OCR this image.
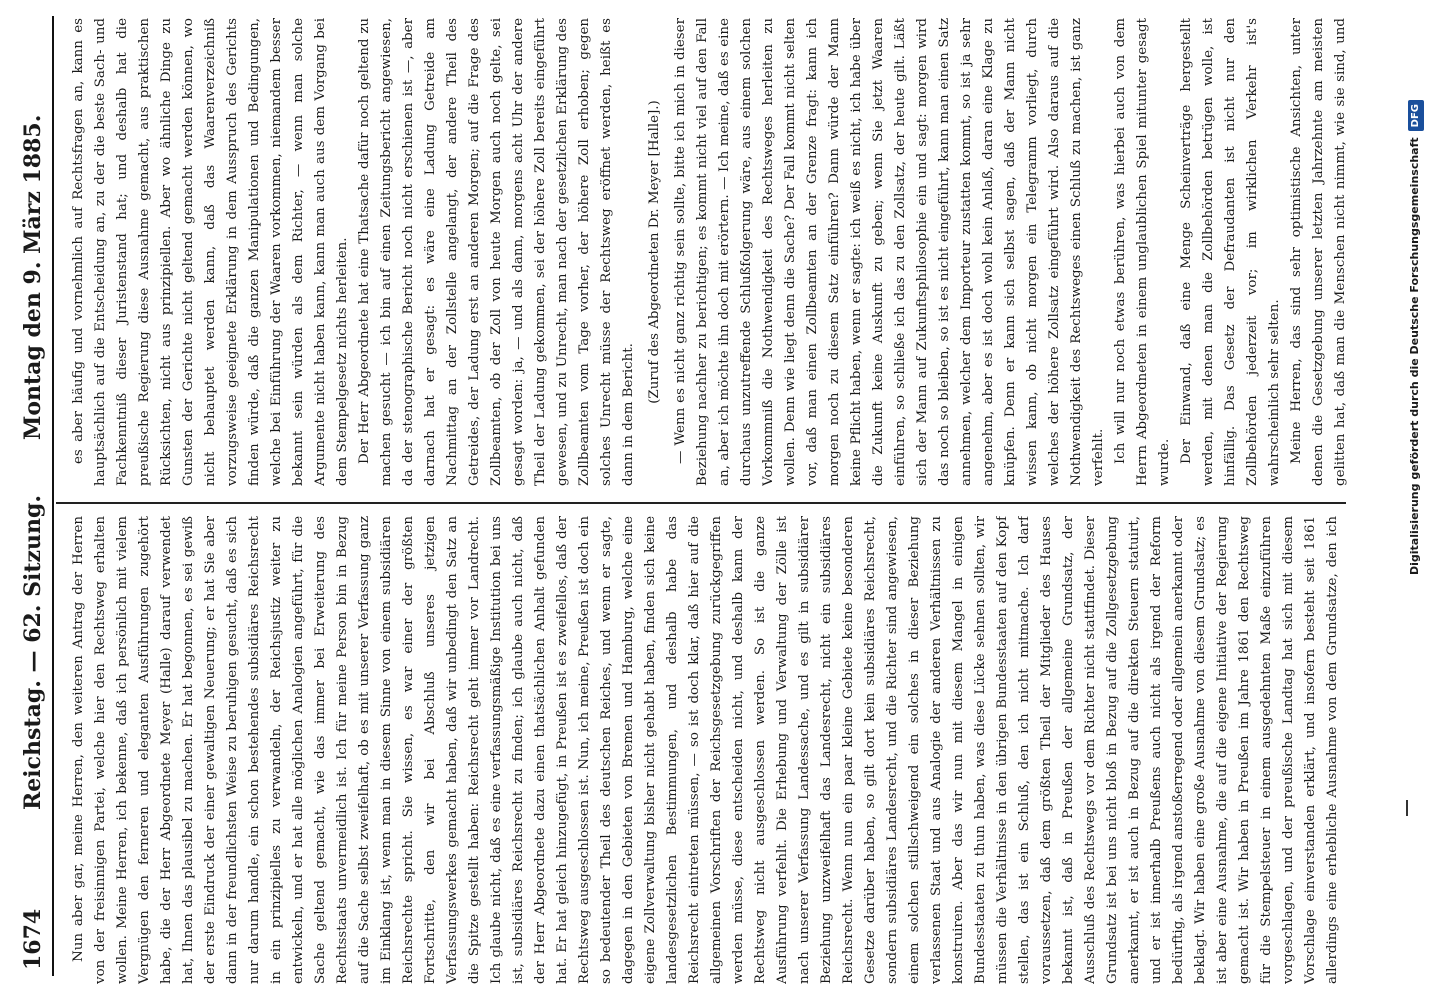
1674
Reichstag. — 62. Sitzung.
Montag den 9. März 1885.

Nun aber gar, meine Herren, den weiteren Antrag der Herren von der freisinnigen Partei, welche hier den Rechtsweg erhalten wollen. Meine Herren, ich bekenne, daß ich persönlich mit vielem Vergnügen den ferneren und eleganten Ausführungen zugehört habe, die der Herr Abgeordnete Meyer (Halle) darauf verwendet hat, Ihnen das plausibel zu machen. Er hat begonnen, es sei gewiß der erste Eindruck der einer gewaltigen Neuerung; er hat Sie aber dann in der freundlichsten Weise zu beruhigen gesucht, daß es sich nur darum handle, ein schon bestehendes subsidiäres Reichsrecht in ein prinzipielles zu verwandeln, der Reichsjustiz weiter zu entwickeln, und er hat alle möglichen Analogien angeführt, für die Sache geltend gemacht, wie das immer bei Erweiterung des Rechtsstaats unvermeidlich ist. Ich für meine Person bin in Bezug auf die Sache selbst zweifelhaft, ob es mit unserer Verfassung ganz im Einklang ist, wenn man in diesem Sinne von einem subsidiären Reichsrechte spricht. Sie wissen, es war einer der größten Fortschritte, den wir bei Abschluß unseres jetzigen Verfassungswerkes gemacht haben, daß wir unbedingt den Satz an die Spitze gestellt haben: Reichsrecht geht immer vor Landrecht. Ich glaube nicht, daß es eine verfassungsmäßige Institution bei uns ist, subsidiäres Reichsrecht zu finden; ich glaube auch nicht, daß der Herr Abgeordnete dazu einen thatsächlichen Anhalt gefunden hat. Er hat gleich hinzugefügt, in Preußen ist es zweifellos, daß der Rechtsweg ausgeschlossen ist. Nun, ich meine, Preußen ist doch ein so bedeutender Theil des deutschen Reiches, und wenn er sagte, dagegen in den Gebieten von Bremen und Hamburg, welche eine eigene Zollverwaltung bisher nicht gehabt haben, finden sich keine landesgesetzlichen Bestimmungen, und deshalb habe das Reichsrecht eintreten müssen, — so ist doch klar, daß hier auf die allgemeinen Vorschriften der Reichsgesetzgebung zurückgegriffen werden müsse, diese entscheiden nicht, und deshalb kann der Rechtsweg nicht ausgeschlossen werden. So ist die ganze Ausführung verfehlt. Die Erhebung und Verwaltung der Zölle ist nach unserer Verfassung Landessache, und es gilt in subsidiärer Beziehung unzweifelhaft das Landesrecht, nicht ein subsidiäres Reichsrecht. Wenn nun ein paar kleine Gebiete keine besonderen Gesetze darüber haben, so gilt dort kein subsidiäres Reichsrecht, sondern subsidiäres Landesrecht, und die Richter sind angewiesen, einem solchen stillschweigend ein solches in dieser Beziehung verlassenen Staat und aus Analogie der anderen Verhältnissen zu konstruiren. Aber das wir nun mit diesem Mangel in einigen Bundesstaaten zu thun haben, was diese Lücke sehnen sollten, wir müssen die Verhältnisse in den übrigen Bundesstaaten auf den Kopf stellen, das ist ein Schluß, den ich nicht mitmache. Ich darf voraussetzen, daß dem größten Theil der Mitglieder des Hauses bekannt ist, daß in Preußen der allgemeine Grundsatz, der Ausschluß des Rechtswegs vor dem Richter nicht stattfindet. Dieser Grundsatz ist bei uns nicht bloß in Bezug auf die Zollgesetzgebung anerkannt, er ist auch in Bezug auf die direkten Steuern statuirt, und er ist innerhalb Preußens auch nicht als irgend der Reform bedürftig, als irgend anstoßerregend oder allgemein anerkannt oder beklagt. Wir haben eine große Ausnahme von diesem Grundsatz; es ist aber eine Ausnahme, die auf die eigene Initiative der Regierung gemacht ist. Wir haben in Preußen im Jahre 1861 den Rechtsweg für die Stempelsteuer in einem ausgedehnten Maße einzuführen vorgeschlagen, und der preußische Landtag hat sich mit diesem Vorschlage einverstanden erklärt, und insofern besteht seit 1861 allerdings eine erhebliche Ausnahme von dem Grundsatze, den ich

es aber häufig und vornehmlich auf Rechtsfragen an, kann es hauptsächlich auf die Entscheidung an, zu der die beste Sach- und Fachkenntniß dieser Juristenstand hat; und deshalb hat die preußische Regierung diese Ausnahme gemacht, aus praktischen Rücksichten, nicht aus prinzipiellen. Aber wo ähnliche Dinge zu Gunsten der Gerichte nicht geltend gemacht werden können, wo nicht behauptet werden kann, daß das Waarenverzeichniß vorzugsweise geeignete Erklärung in dem Ausspruch des Gerichts finden würde, daß die ganzen Manipulationen und Bedingungen, welche bei Einführung der Waaren vorkommen, niemandem besser bekannt sein würden als dem Richter, — wenn man solche Argumente nicht haben kann, kann man auch aus dem Vorgang bei dem Stempelgesetz nichts herleiten. Der Herr Abgeordnete hat eine Thatsache dafür noch geltend zu machen gesucht — ich bin auf einen Zeitungsbericht angewiesen, da der stenographische Bericht noch nicht erschienen ist —, aber darnach hat er gesagt: es wäre eine Ladung Getreide am Nachmittag an der Zollstelle angelangt, der andere Theil des Getreides, der Ladung erst an anderen Morgen; auf die Frage des Zollbeamten, ob der Zoll von heute Morgen auch noch gelte, sei gesagt worden: ja, — und als dann, morgens acht Uhr der andere Theil der Ladung gekommen, sei der höhere Zoll bereits eingeführt gewesen, und zu Unrecht, man nach der gesetzlichen Erklärung des Zollbeamten vom Tage vorher, der höhere Zoll erhoben; gegen solches Unrecht müsse der Rechtsweg eröffnet werden, heißt es dann in dem Bericht.

(Zuruf des Abgeordneten Dr. Meyer [Halle].) — Wenn es nicht ganz richtig sein sollte, bitte ich mich in dieser Beziehung nachher zu berichtigen; es kommt nicht viel auf den Fall an, aber ich möchte ihn doch mit erörtern. — Ich meine, daß es eine durchaus unzutreffende Schlußfolgerung wäre, aus einem solchen Vorkommniß die Nothwendigkeit des Rechtsweges herleiten zu wollen. Denn wie liegt denn die Sache? Der Fall kommt nicht selten vor, daß man einen Zollbeamten an der Grenze fragt: kann ich morgen noch zu diesem Satz einführen? Dann würde der Mann keine Pflicht haben, wenn er sagte: ich weiß es nicht, ich habe über die Zukunft keine Auskunft zu geben; wenn Sie jetzt Waaren einführen, so schließe ich das zu den Zollsatz, der heute gilt. Läßt sich der Mann auf Zukunftsphilosophie ein und sagt: morgen wird das noch so bleiben, so ist es nicht eingeführt, kann man einen Satz annehmen, welcher dem Importeur zustatten kommt, so ist ja sehr angenehm, aber es ist doch wohl kein Anlaß, daran eine Klage zu knüpfen. Denn er kann sich selbst sagen, daß der Mann nicht wissen kann, ob nicht morgen ein Telegramm vorliegt, durch welches der höhere Zollsatz eingeführt wird. Also daraus auf die Nothwendigkeit des Rechtsweges einen Schluß zu machen, ist ganz verfehlt. Ich will nur noch etwas berühren, was hierbei auch von dem Herrn Abgeordneten in einem unglaublichen Spiel mitunter gesagt wurde. Der Einwand, daß eine Menge Scheinverträge hergestellt werden, mit denen man die Zollbehörden betrügen wolle, ist hinfällig. Das Gesetz der Defraudanten ist nicht nur den Zollbehörden jederzeit vor; im wirklichen Verkehr ist's wahrscheinlich sehr selten. Meine Herren, das sind sehr optimistische Ansichten, unter denen die Gesetzgebung unserer letzten Jahrzehnte am meisten gelitten hat, daß man die Menschen nicht nimmt, wie sie sind, und

Digitalisierung gefördert durch die Deutsche ForschungsgemeinschaftDFG
